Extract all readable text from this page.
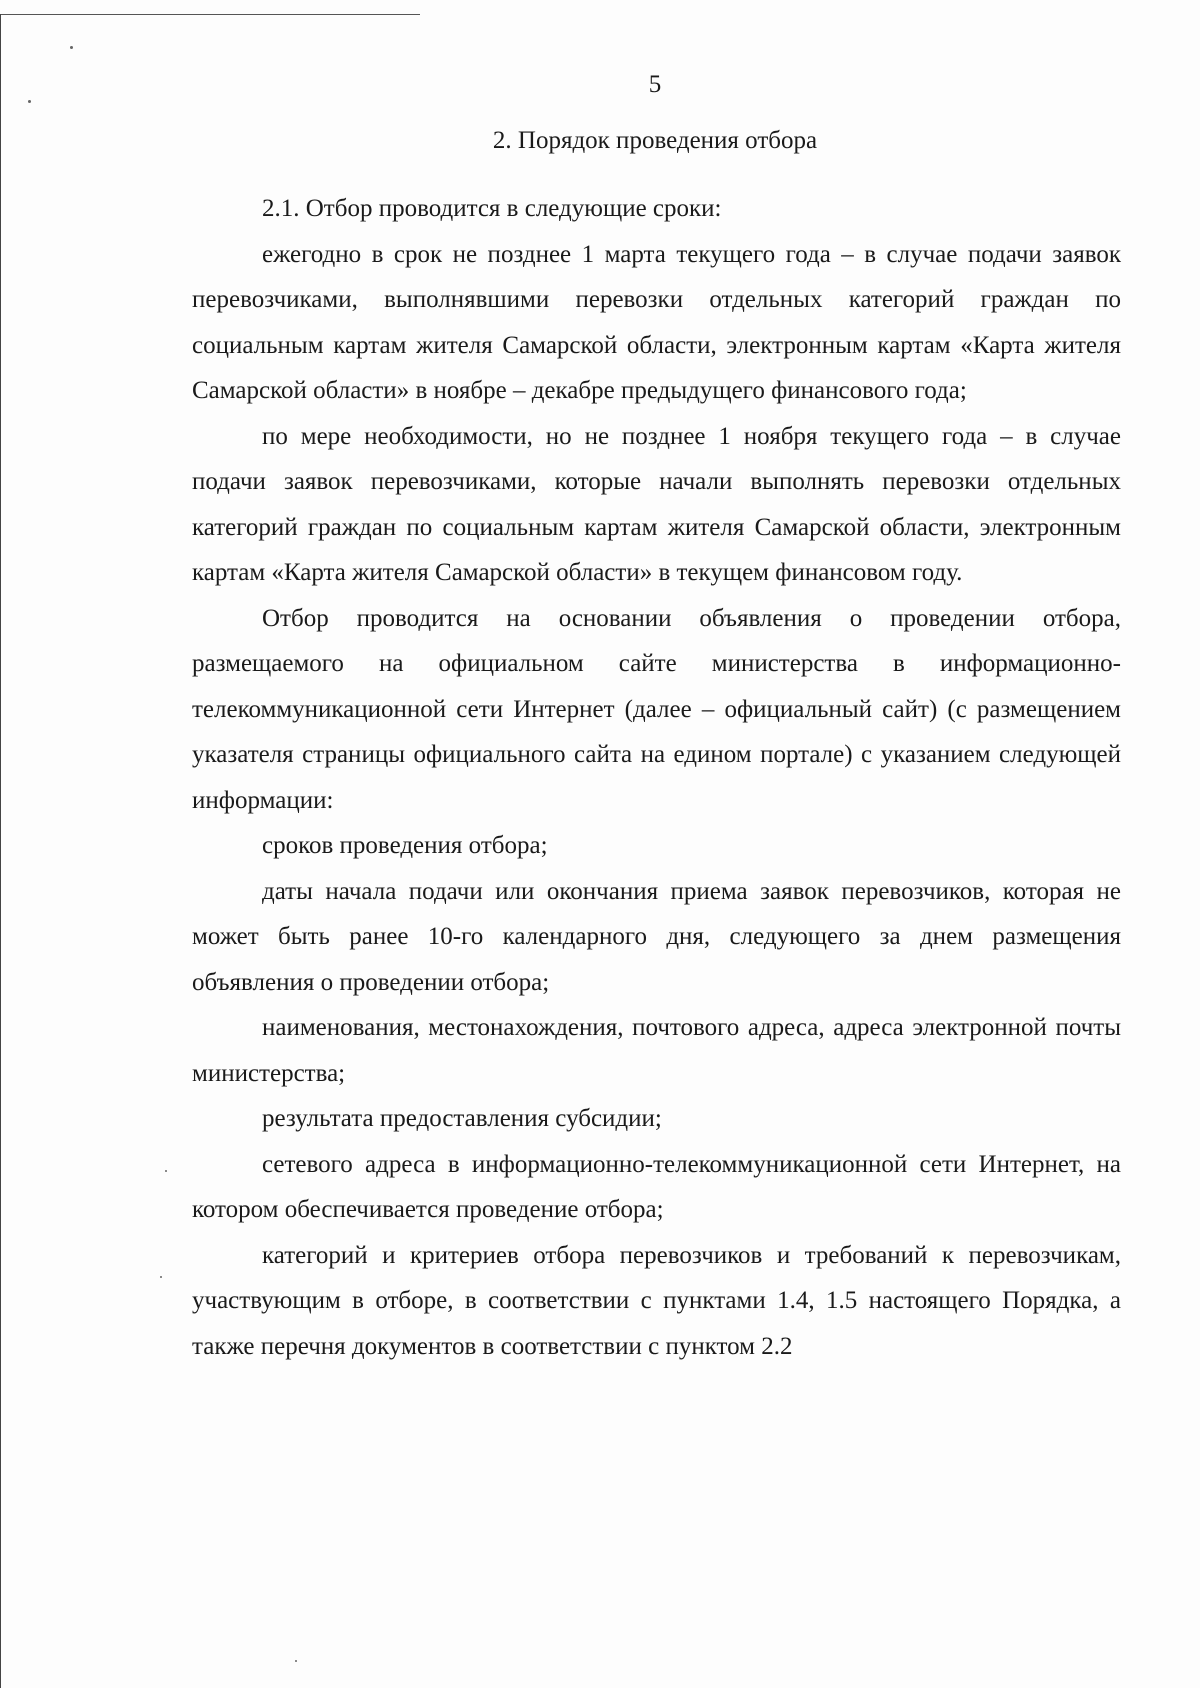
5
2. Порядок проведения отбора

2.1. Отбор проводится в следующие сроки:

ежегодно в срок не позднее 1 марта текущего года – в случае подачи заявок перевозчиками, выполнявшими перевозки отдельных категорий граждан по социальным картам жителя Самарской области, электронным картам «Карта жителя Самарской области» в ноябре – декабре предыдущего финансового года;

по мере необходимости, но не позднее 1 ноября текущего года – в случае подачи заявок перевозчиками, которые начали выполнять перевозки отдельных категорий граждан по социальным картам жителя Самарской области, электронным картам «Карта жителя Самарской области» в текущем финансовом году.

Отбор проводится на основании объявления о проведении отбора, размещаемого на официальном сайте министерства в информационно-телекоммуникационной сети Интернет (далее – официальный сайт) (с размещением указателя страницы официального сайта на едином портале) с указанием следующей информации:

сроков проведения отбора;

даты начала подачи или окончания приема заявок перевозчиков, которая не может быть ранее 10-го календарного дня, следующего за днем размещения объявления о проведении отбора;

наименования, местонахождения, почтового адреса, адреса электронной почты министерства;

результата предоставления субсидии;

сетевого адреса в информационно-телекоммуникационной сети Интернет, на котором обеспечивается проведение отбора;

категорий и критериев отбора перевозчиков и требований к перевозчикам, участвующим в отборе, в соответствии с пунктами 1.4, 1.5 настоящего Порядка, а также перечня документов в соответствии с пунктом 2.2
